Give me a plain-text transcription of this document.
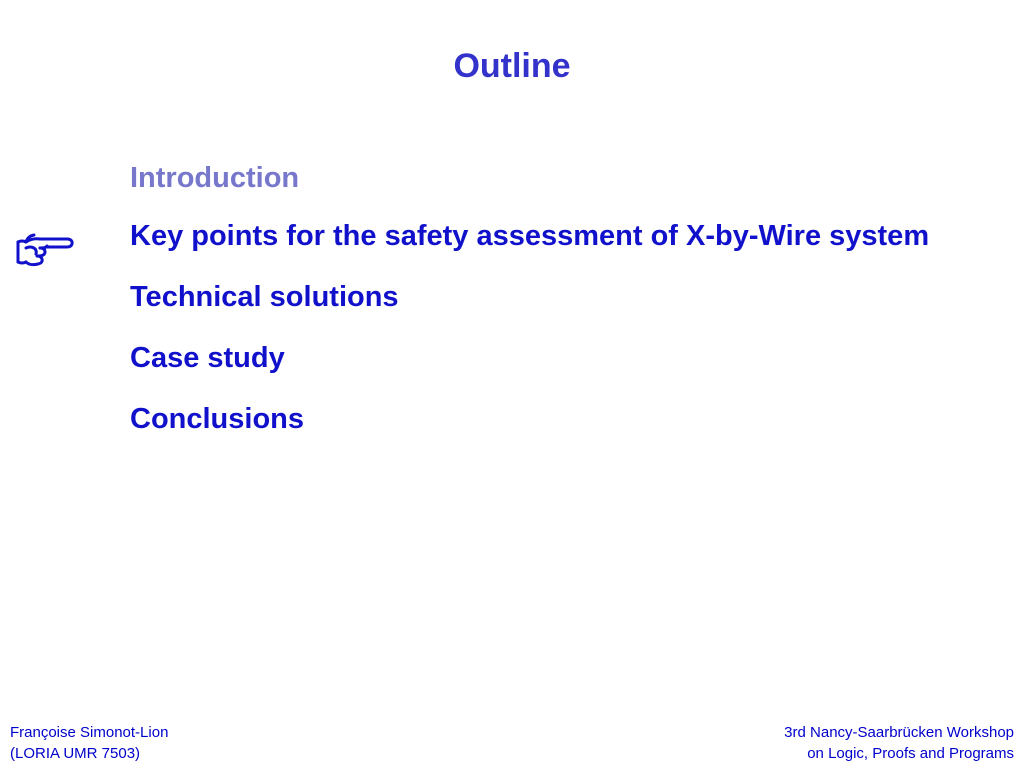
Outline
Introduction
Key points for the safety assessment of X-by-Wire system
Technical solutions
Case study
Conclusions
Françoise Simonot-Lion
(LORIA UMR 7503)
3rd Nancy-Saarbrücken Workshop
on Logic, Proofs and Programs
